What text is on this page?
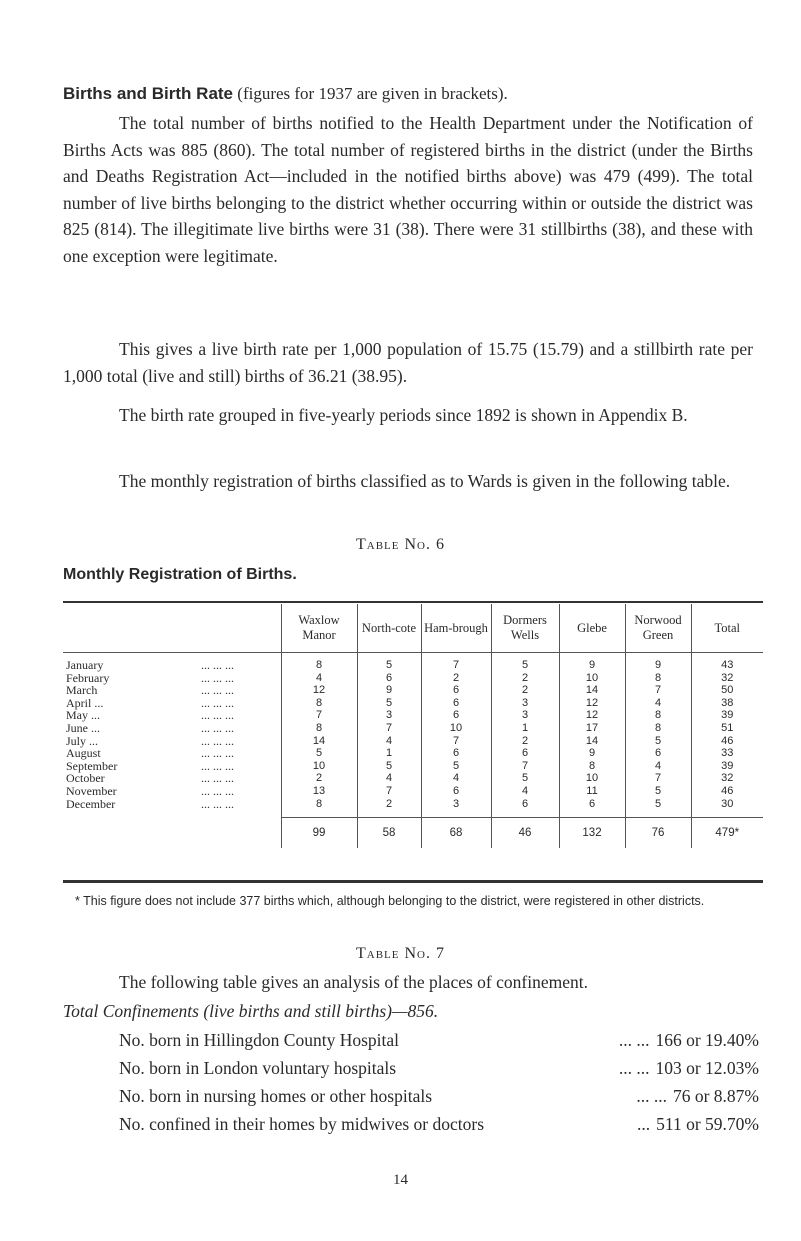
Births and Birth Rate (figures for 1937 are given in brackets).

The total number of births notified to the Health Department under the Notification of Births Acts was 885 (860). The total number of registered births in the district (under the Births and Deaths Registration Act—included in the notified births above) was 479 (499). The total number of live births belonging to the district whether occurring within or outside the district was 825 (814). The illegitimate live births were 31 (38). There were 31 stillbirths (38), and these with one exception were legitimate.

This gives a live birth rate per 1,000 population of 15.75 (15.79) and a stillbirth rate per 1,000 total (live and still) births of 36.21 (38.95).

The birth rate grouped in five-yearly periods since 1892 is shown in Appendix B.

The monthly registration of births classified as to Wards is given in the following table.

Table No. 6
Monthly Registration of Births.
	Waxlow Manor	North-cote	Ham-brough	Dormers Wells	Glebe	Norwood Green	Total

January ... ... ...	8	5	7	5	9	9	43
February ... ... ...	4	6	2	2	10	8	32
March ... ... ...	12	9	6	2	14	7	50
April ... ... ... ...	8	5	6	3	12	4	38
May ... ... ... ...	7	3	6	3	12	8	39
June ... ... ... ...	8	7	10	1	17	8	51
July ... ... ... ...	14	4	7	2	14	5	46
August ... ... ...	5	1	6	6	9	6	33
September ... ... ...	10	5	5	7	8	4	39
October ... ... ...	2	4	4	5	10	7	32
November ... ... ...	13	7	6	4	11	5	46
December ... ... ...	8	2	3	6	6	5	30

	99	58	68	46	132	76	479*
* This figure does not include 377 births which, although belonging to the district, were registered in other districts.
Table No. 7
The following table gives an analysis of the places of confinement.
Total Confinements (live births and still births)—856.
No. born in Hillingdon County Hospital	... ... 166 or 19.40%
No. born in London voluntary hospitals	... ... 103 or 12.03%
No. born in nursing homes or other hospitals	... ... 76 or 8.87%
No. confined in their homes by midwives or doctors	... 511 or 59.70%
14
